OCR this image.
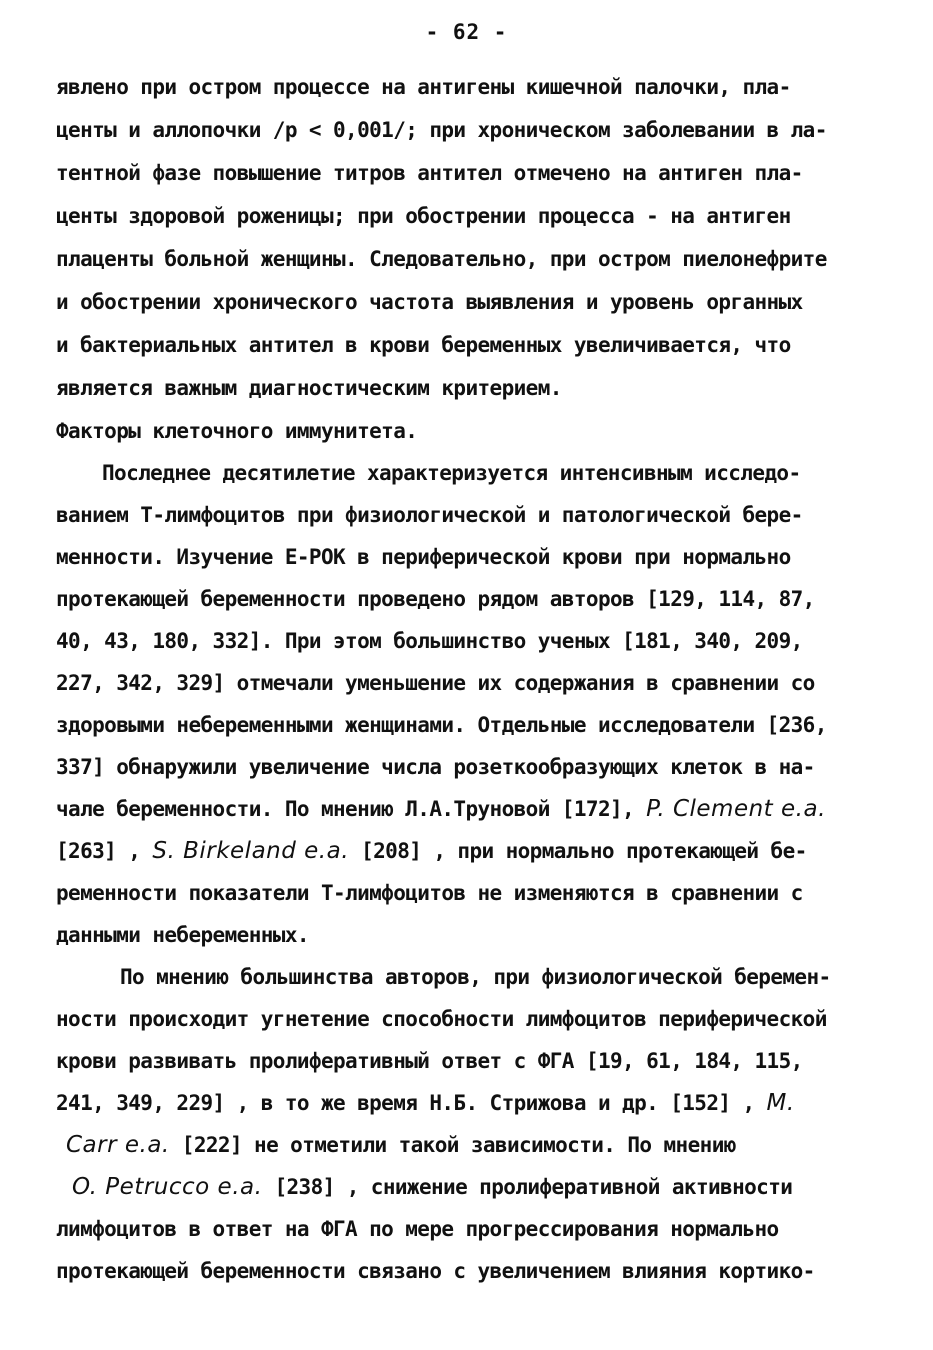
- 62 -
явлено при остром процессе на антигены кишечной палочки, пла-
центы и аллопочки /р < 0,001/; при хроническом заболевании в ла-
тентной фазе повышение титров антител отмечено на антиген пла-
центы здоровой роженицы; при обострении процесса - на антиген
плаценты больной женщины. Следовательно, при остром пиелонефрите
и обострении хронического частота выявления и уровень органных
и бактериальных антител в крови беременных увеличивается, что
является важным диагностическим критерием.
Факторы клеточного иммунитета.
Последнее десятилетие характеризуется интенсивным исследо-
ванием Т-лимфоцитов при физиологической и патологической бере-
менности. Изучение Е-РОК в периферической крови при нормально
протекающей беременности проведено рядом авторов [129, 114, 87,
40, 43, 180, 332]. При этом большинство ученых [181, 340, 209,
227, 342, 329] отмечали уменьшение их содержания в сравнении со
здоровыми небеременными женщинами. Отдельные исследователи [236,
337] обнаружили увеличение числа розеткообразующих клеток в на-
чале беременности. По мнению Л.А.Труновой [172], P. Clement e.a.
[263] , S. Birkeland e.a. [208] , при нормально протекающей бе-
ременности показатели Т-лимфоцитов не изменяются в сравнении с
данными небеременных.
По мнению большинства авторов, при физиологической беремен-
ности происходит угнетение способности лимфоцитов периферической
крови развивать пролиферативный ответ с ФГА [19, 61, 184, 115,
241, 349, 229] , в то же время Н.Б. Стрижова и др. [152] , M.
Carr e.a. [222] не отметили такой зависимости. По мнению
O. Petrucco e.a. [238] , снижение пролиферативной активности
лимфоцитов в ответ на ФГА по мере прогрессирования нормально
протекающей беременности связано с увеличением влияния кортико-
